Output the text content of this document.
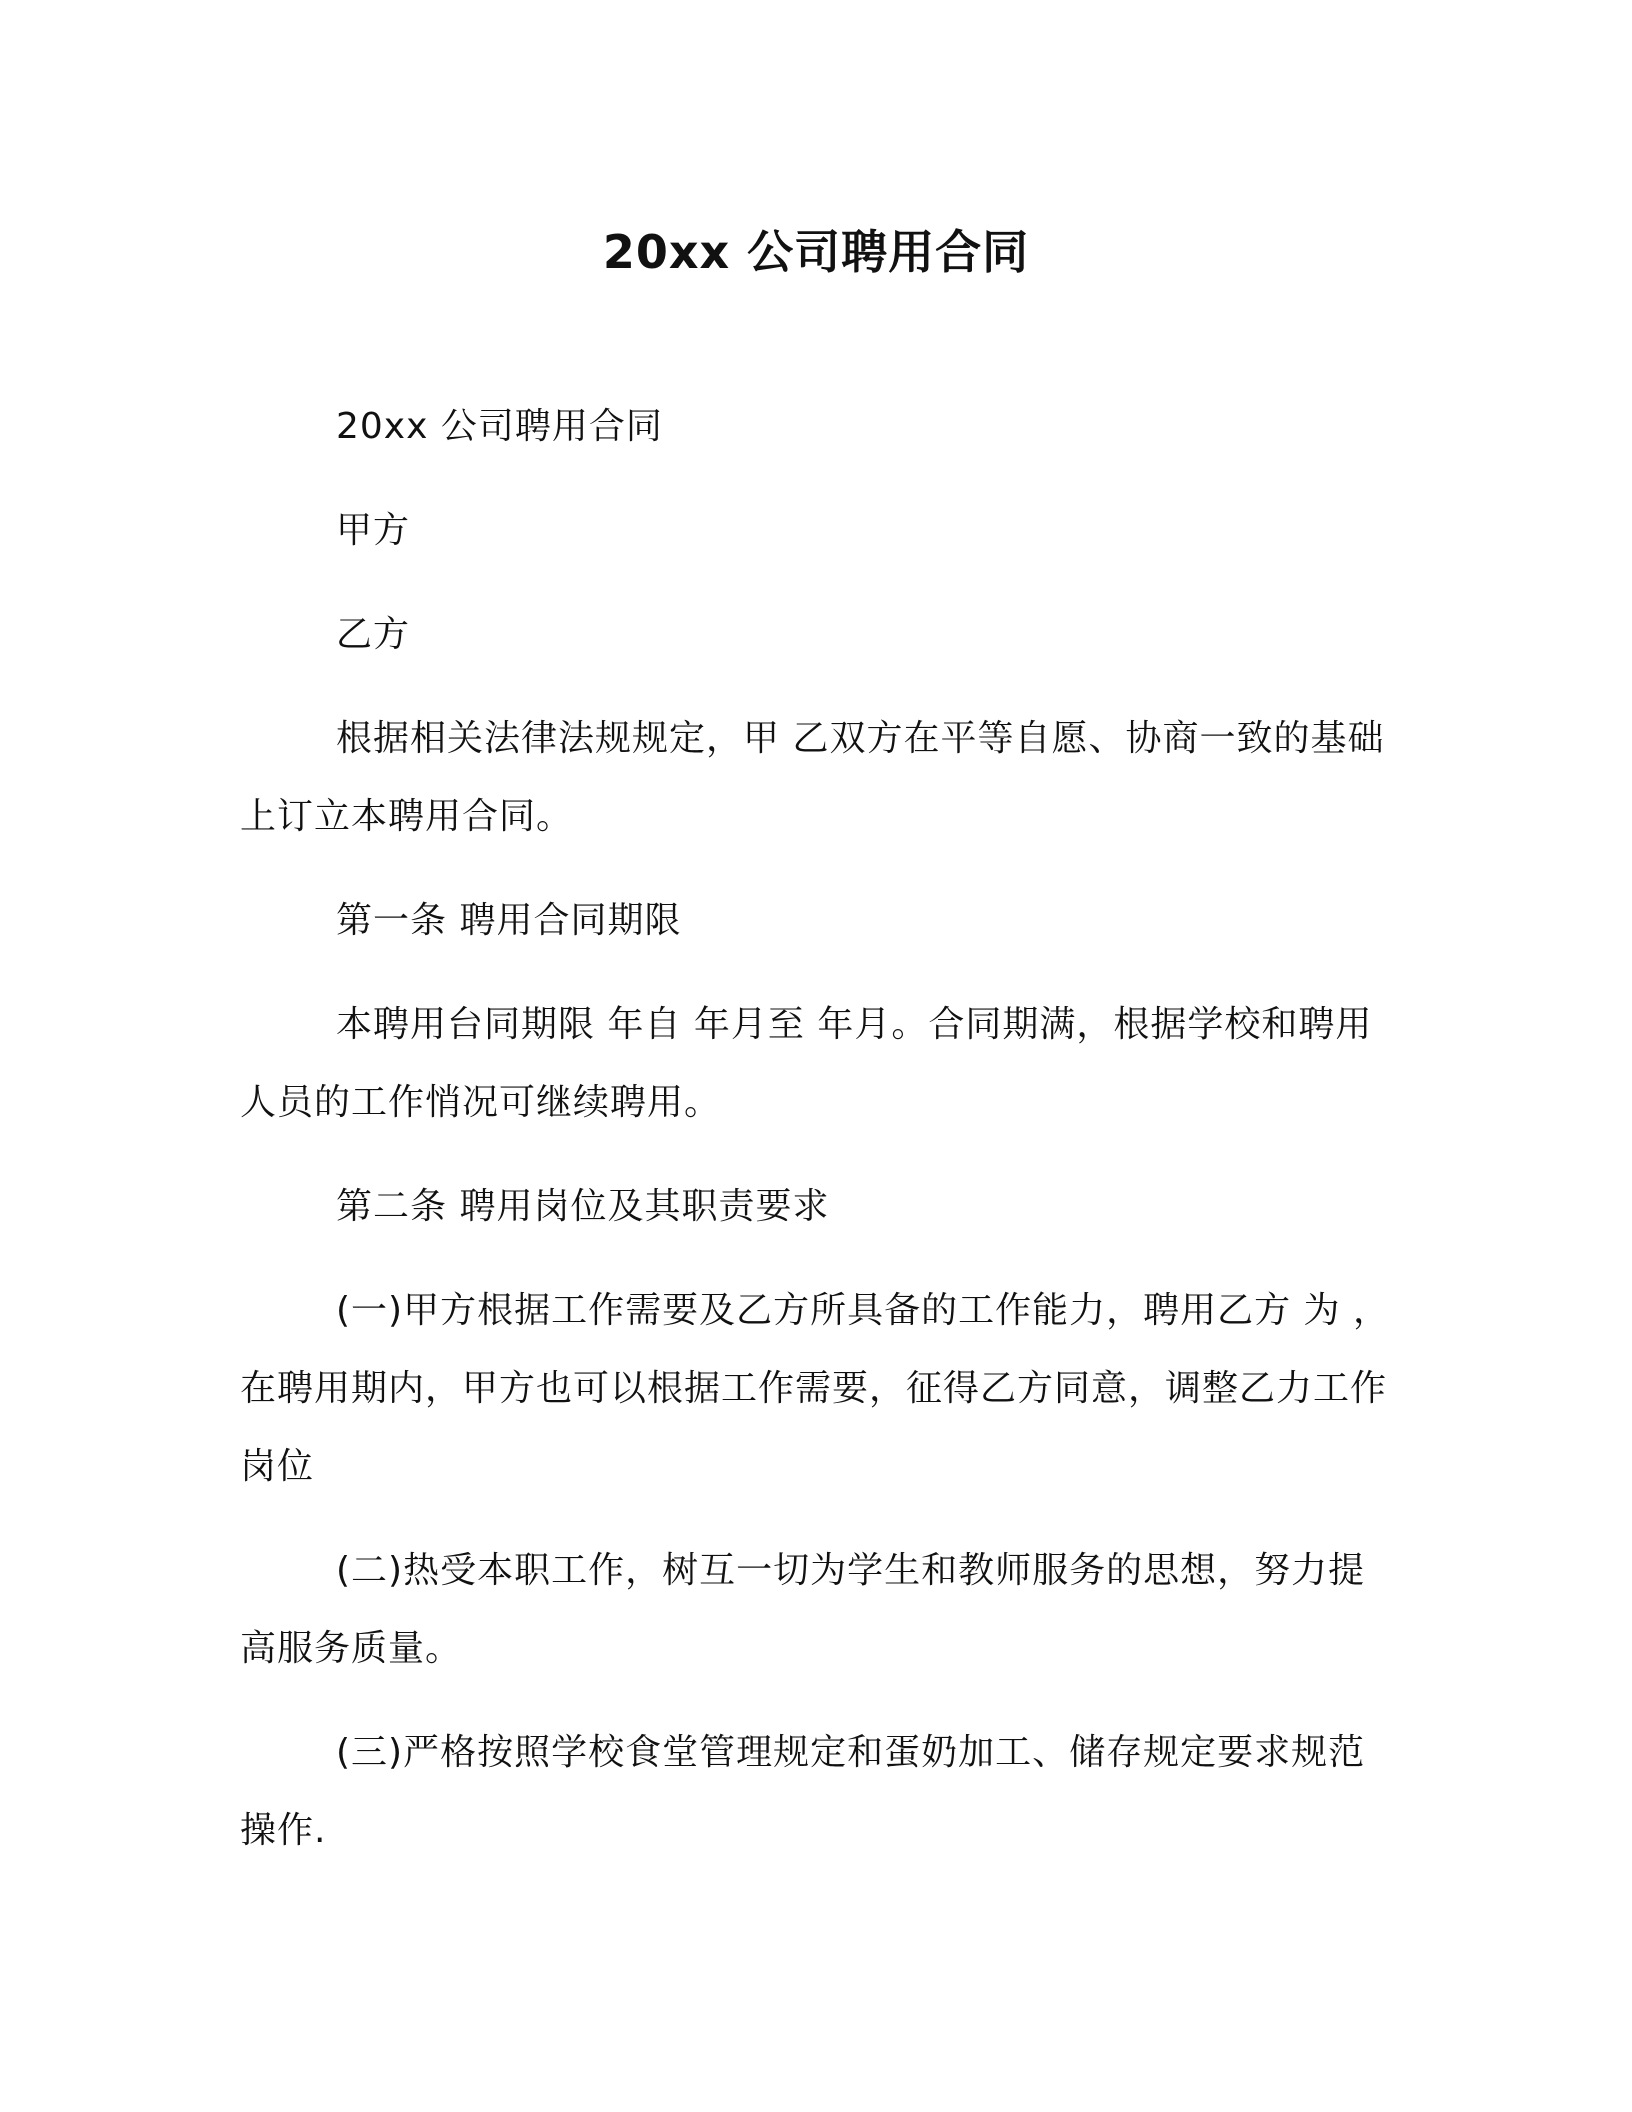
20xx 公司聘用合同

20xx 公司聘用合同

甲方

乙方

根据相关法律法规规定，甲 乙双方在平等自愿、协商一致的基础上订立本聘用合同。

第一条 聘用合同期限

本聘用台同期限 年自 年月至 年月。合同期满，根据学校和聘用人员的工作悄况可继续聘用。

第二条 聘用岗位及其职责要求

(一)甲方根据工作需要及乙方所具备的工作能力，聘用乙方 为 ，在聘用期内，甲方也可以根据工作需要，征得乙方同意，调整乙力工作岗位

(二)热受本职工作，树互一切为学生和教师服务的思想，努力提高服务质量。

(三)严格按照学校食堂管理规定和蛋奶加工、储存规定要求规范操作.
